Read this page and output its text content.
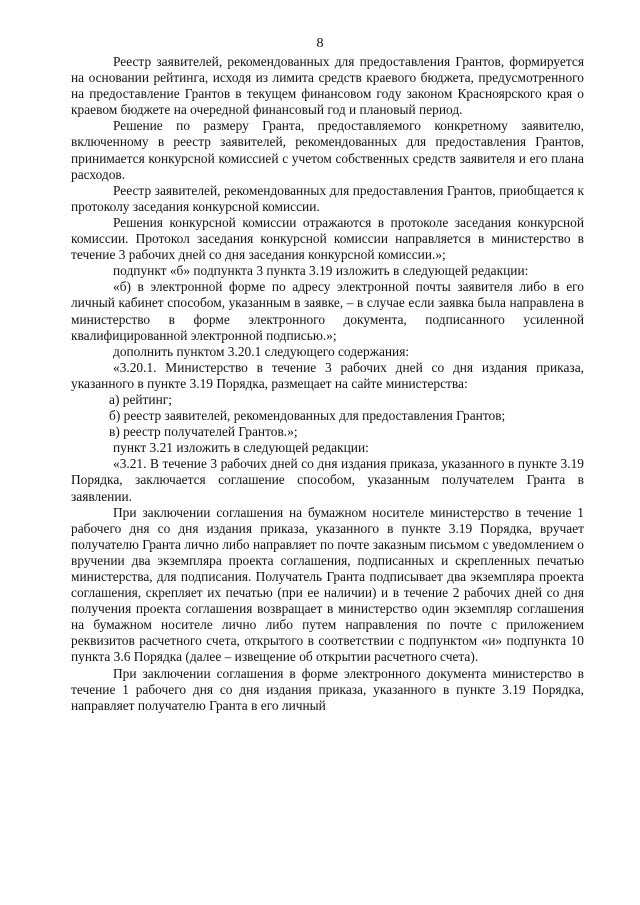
8

Реестр заявителей, рекомендованных для предоставления Грантов, формируется на основании рейтинга, исходя из лимита средств краевого бюджета, предусмотренного на предоставление Грантов в текущем финансовом году законом Красноярского края о краевом бюджете на очередной финансовый год и плановый период.

Решение по размеру Гранта, предоставляемого конкретному заявителю, включенному в реестр заявителей, рекомендованных для предоставления Грантов, принимается конкурсной комиссией с учетом собственных средств заявителя и его плана расходов.

Реестр заявителей, рекомендованных для предоставления Грантов, приобщается к протоколу заседания конкурсной комиссии.

Решения конкурсной комиссии отражаются в протоколе заседания конкурсной комиссии. Протокол заседания конкурсной комиссии направляется в министерство в течение 3 рабочих дней со дня заседания конкурсной комиссии.»;

подпункт «б» подпункта 3 пункта 3.19 изложить в следующей редакции:

«б) в электронной форме по адресу электронной почты заявителя либо в его личный кабинет способом, указанным в заявке, – в случае если заявка была направлена в министерство в форме электронного документа, подписанного усиленной квалифицированной электронной подписью.»;

дополнить пунктом 3.20.1 следующего содержания:

«3.20.1. Министерство в течение 3 рабочих дней со дня издания приказа, указанного в пункте 3.19 Порядка, размещает на сайте министерства:

а) рейтинг;

б) реестр заявителей, рекомендованных для предоставления Грантов;

в) реестр получателей Грантов.»;

пункт 3.21 изложить в следующей редакции:

«3.21. В течение 3 рабочих дней со дня издания приказа, указанного в пункте 3.19 Порядка, заключается соглашение способом, указанным получателем Гранта в заявлении.

При заключении соглашения на бумажном носителе министерство в течение 1 рабочего дня со дня издания приказа, указанного в пункте 3.19 Порядка, вручает получателю Гранта лично либо направляет по почте заказным письмом с уведомлением о вручении два экземпляра проекта соглашения, подписанных и скрепленных печатью министерства, для подписания. Получатель Гранта подписывает два экземпляра проекта соглашения, скрепляет их печатью (при ее наличии) и в течение 2 рабочих дней со дня получения проекта соглашения возвращает в министерство один экземпляр соглашения на бумажном носителе лично либо путем направления по почте с приложением реквизитов расчетного счета, открытого в соответствии с подпунктом «и» подпункта 10 пункта 3.6 Порядка (далее – извещение об открытии расчетного счета).

При заключении соглашения в форме электронного документа министерство в течение 1 рабочего дня со дня издания приказа, указанного в пункте 3.19 Порядка, направляет получателю Гранта в его личный
